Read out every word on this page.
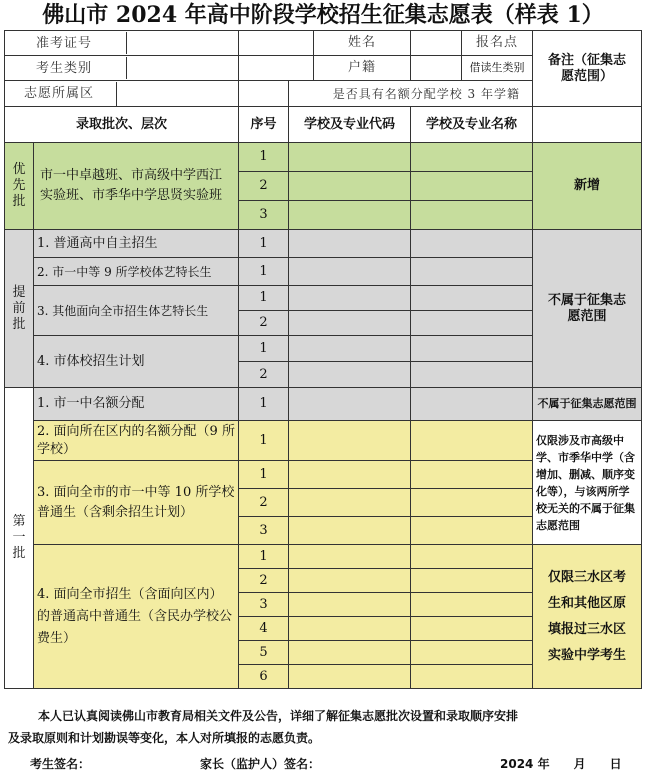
佛山市 2024 年高中阶段学校招生征集志愿表（样表 1）
准考证号		姓名		报名点	备注（征集志愿范围）

考生类别		户籍		借读生类别	

志愿所属区			是否具有名额分配学校 3 年学籍		
录取批次、层次		序号	学校及专业代码	学校及专业名称	

优
先
批	市一中卓越班、市高级中学西江实验班、市季华中学思贤实验班	1			新增
		2			
		3			

提
前
批	1. 普通高中自主招生	1			不属于征集志愿范围
	2. 市一中等 9 所学校体艺特长生	1			
	3. 其他面向全市招生体艺特长生	1			
		2			
	4. 市体校招生计划	1			
		2			

第
一
批	1. 市一中名额分配	1			不属于征集志愿范围
	2. 面向所在区内的名额分配（9 所学校）	1			仅限涉及市高级中学、市季华中学（含增加、删减、顺序变化等），与该两所学校无关的不属于征集志愿范围
	3. 面向全市的市一中等 10 所学校普通生（含剩余招生计划）	1			
		2			
		3			
	4. 面向全市招生（含面向区内）的普通高中普通生（含民办学校公费生）	1			仅限三水区考生和其他区原填报过三水区实验中学考生
		2			
		3			
		4			
		5			
		6			

本人已认真阅读佛山市教育局相关文件及公告，详细了解征集志愿批次设置和录取顺序安排

及录取原则和计划勘误等变化，本人对所填报的志愿负责。

考生签名：	家长（监护人）签名：	2024 年　　月　　日
